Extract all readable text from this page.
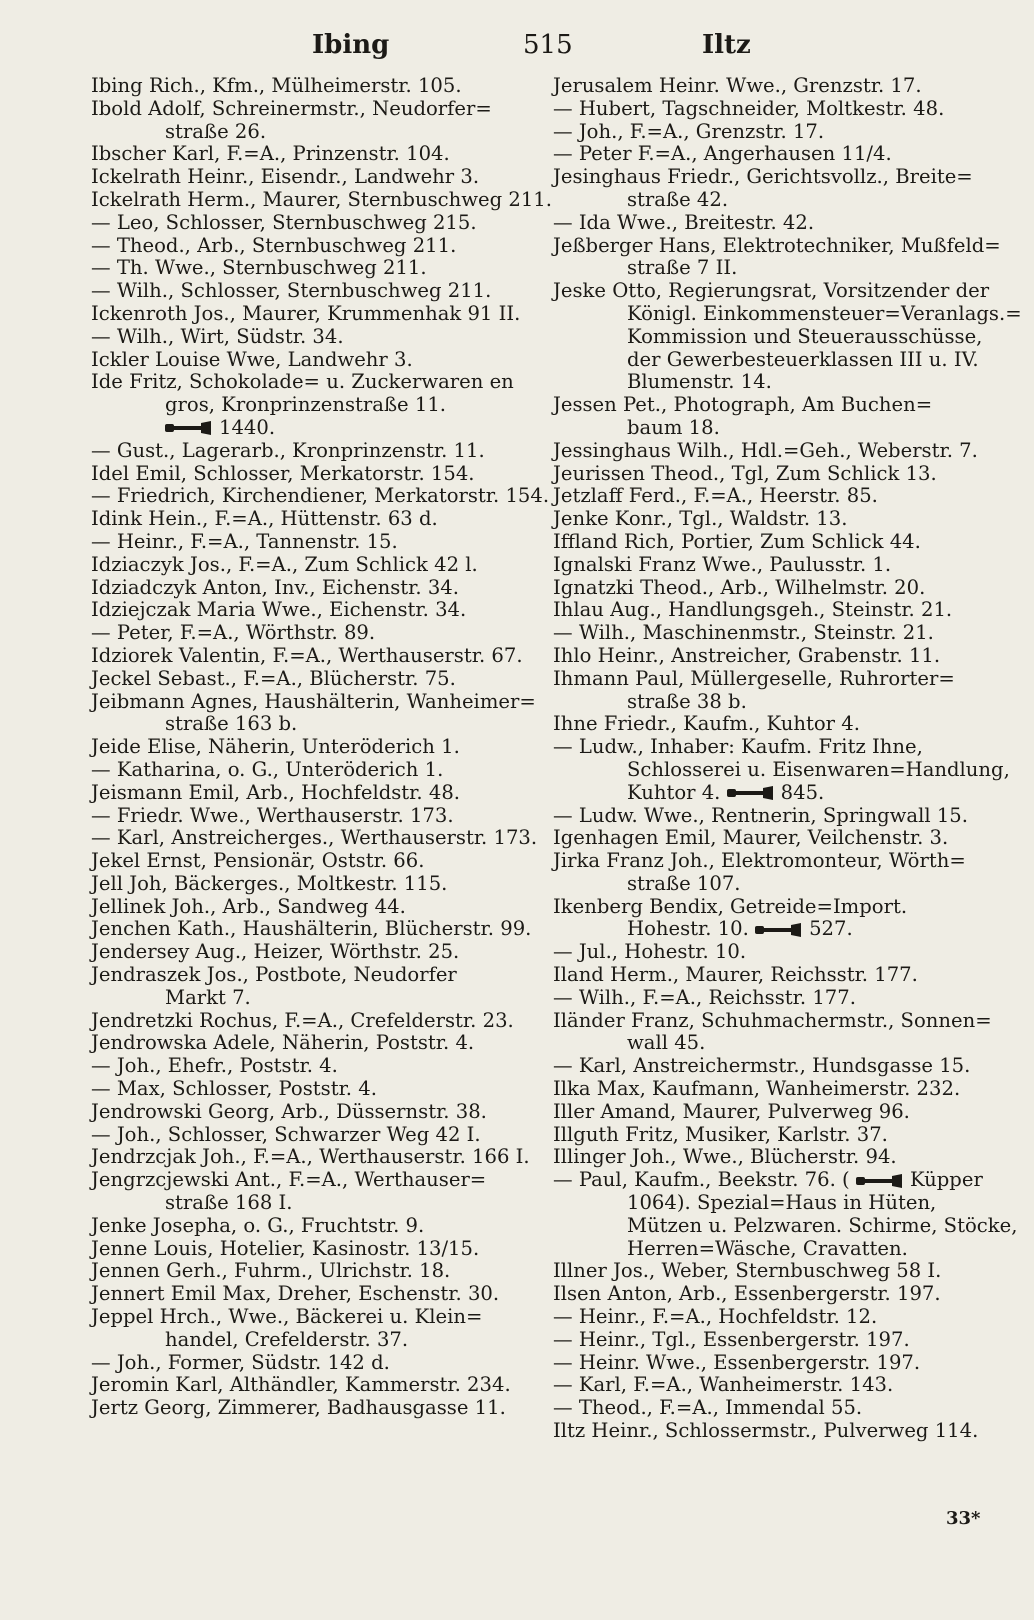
Ibing	515	Iltz
Ibing Rich., Kfm., Mülheimerstr. 105.
Ibold Adolf, Schreinermstr., Neudorfer=
straße 26.
Ibscher Karl, F.=A., Prinzenstr. 104.
Ickelrath Heinr., Eisendr., Landwehr 3.
Ickelrath Herm., Maurer, Sternbuschweg 211.
— Leo, Schlosser, Sternbuschweg 215.
— Theod., Arb., Sternbuschweg 211.
— Th. Wwe., Sternbuschweg 211.
— Wilh., Schlosser, Sternbuschweg 211.
Ickenroth Jos., Maurer, Krummenhak 91 II.
— Wilh., Wirt, Südstr. 34.
Ickler Louise Wwe, Landwehr 3.
Ide Fritz, Schokolade= u. Zuckerwaren en
gros, Kronprinzenstraße 11.
1440.
— Gust., Lagerarb., Kronprinzenstr. 11.
Idel Emil, Schlosser, Merkatorstr. 154.
— Friedrich, Kirchendiener, Merkatorstr. 154.
Idink Hein., F.=A., Hüttenstr. 63 d.
— Heinr., F.=A., Tannenstr. 15.
Idziaczyk Jos., F.=A., Zum Schlick 42 l.
Idziadczyk Anton, Inv., Eichenstr. 34.
Idziejczak Maria Wwe., Eichenstr. 34.
— Peter, F.=A., Wörthstr. 89.
Idziorek Valentin, F.=A., Werthauserstr. 67.
Jeckel Sebast., F.=A., Blücherstr. 75.
Jeibmann Agnes, Haushälterin, Wanheimer=
straße 163 b.
Jeide Elise, Näherin, Unteröderich 1.
— Katharina, o. G., Unteröderich 1.
Jeismann Emil, Arb., Hochfeldstr. 48.
— Friedr. Wwe., Werthauserstr. 173.
— Karl, Anstreicherges., Werthauserstr. 173.
Jekel Ernst, Pensionär, Oststr. 66.
Jell Joh, Bäckerges., Moltkestr. 115.
Jellinek Joh., Arb., Sandweg 44.
Jenchen Kath., Haushälterin, Blücherstr. 99.
Jendersey Aug., Heizer, Wörthstr. 25.
Jendraszek Jos., Postbote, Neudorfer
Markt 7.
Jendretzki Rochus, F.=A., Crefelderstr. 23.
Jendrowska Adele, Näherin, Poststr. 4.
— Joh., Ehefr., Poststr. 4.
— Max, Schlosser, Poststr. 4.
Jendrowski Georg, Arb., Düssernstr. 38.
— Joh., Schlosser, Schwarzer Weg 42 I.
Jendrzcjak Joh., F.=A., Werthauserstr. 166 I.
Jengrzcjewski Ant., F.=A., Werthauser=
straße 168 I.
Jenke Josepha, o. G., Fruchtstr. 9.
Jenne Louis, Hotelier, Kasinostr. 13/15.
Jennen Gerh., Fuhrm., Ulrichstr. 18.
Jennert Emil Max, Dreher, Eschenstr. 30.
Jeppel Hrch., Wwe., Bäckerei u. Klein=
handel, Crefelderstr. 37.
— Joh., Former, Südstr. 142 d.
Jeromin Karl, Althändler, Kammerstr. 234.
Jertz Georg, Zimmerer, Badhausgasse 11.
Jerusalem Heinr. Wwe., Grenzstr. 17.
— Hubert, Tagschneider, Moltkestr. 48.
— Joh., F.=A., Grenzstr. 17.
— Peter F.=A., Angerhausen 11/4.
Jesinghaus Friedr., Gerichtsvollz., Breite=
straße 42.
— Ida Wwe., Breitestr. 42.
Jeßberger Hans, Elektrotechniker, Mußfeld=
straße 7 II.
Jeske Otto, Regierungsrat, Vorsitzender der
Königl. Einkommensteuer=Veranlags.=
Kommission und Steuerausschüsse,
der Gewerbesteuerklassen III u. IV.
Blumenstr. 14.
Jessen Pet., Photograph, Am Buchen=
baum 18.
Jessinghaus Wilh., Hdl.=Geh., Weberstr. 7.
Jeurissen Theod., Tgl, Zum Schlick 13.
Jetzlaff Ferd., F.=A., Heerstr. 85.
Jenke Konr., Tgl., Waldstr. 13.
Iffland Rich, Portier, Zum Schlick 44.
Ignalski Franz Wwe., Paulusstr. 1.
Ignatzki Theod., Arb., Wilhelmstr. 20.
Ihlau Aug., Handlungsgeh., Steinstr. 21.
— Wilh., Maschinenmstr., Steinstr. 21.
Ihlo Heinr., Anstreicher, Grabenstr. 11.
Ihmann Paul, Müllergeselle, Ruhrorter=
straße 38 b.
Ihne Friedr., Kaufm., Kuhtor 4.
— Ludw., Inhaber: Kaufm. Fritz Ihne,
Schlosserei u. Eisenwaren=Handlung,
Kuhtor 4.	845.
— Ludw. Wwe., Rentnerin, Springwall 15.
Igenhagen Emil, Maurer, Veilchenstr. 3.
Jirka Franz Joh., Elektromonteur, Wörth=
straße 107.
Ikenberg Bendix, Getreide=Import.
Hohestr. 10.	527.
— Jul., Hohestr. 10.
Iland Herm., Maurer, Reichsstr. 177.
— Wilh., F.=A., Reichsstr. 177.
Iländer Franz, Schuhmachermstr., Sonnen=
wall 45.
— Karl, Anstreichermstr., Hundsgasse 15.
Ilka Max, Kaufmann, Wanheimerstr. 232.
Iller Amand, Maurer, Pulverweg 96.
Illguth Fritz, Musiker, Karlstr. 37.
Illinger Joh., Wwe., Blücherstr. 94.
— Paul, Kaufm., Beekstr. 76. (	Küpper
1064). Spezial=Haus in Hüten,
Mützen u. Pelzwaren. Schirme, Stöcke,
Herren=Wäsche, Cravatten.
Illner Jos., Weber, Sternbuschweg 58 I.
Ilsen Anton, Arb., Essenbergerstr. 197.
— Heinr., F.=A., Hochfeldstr. 12.
— Heinr., Tgl., Essenbergerstr. 197.
— Heinr. Wwe., Essenbergerstr. 197.
— Karl, F.=A., Wanheimerstr. 143.
— Theod., F.=A., Immendal 55.
Iltz Heinr., Schlossermstr., Pulverweg 114.
33*
